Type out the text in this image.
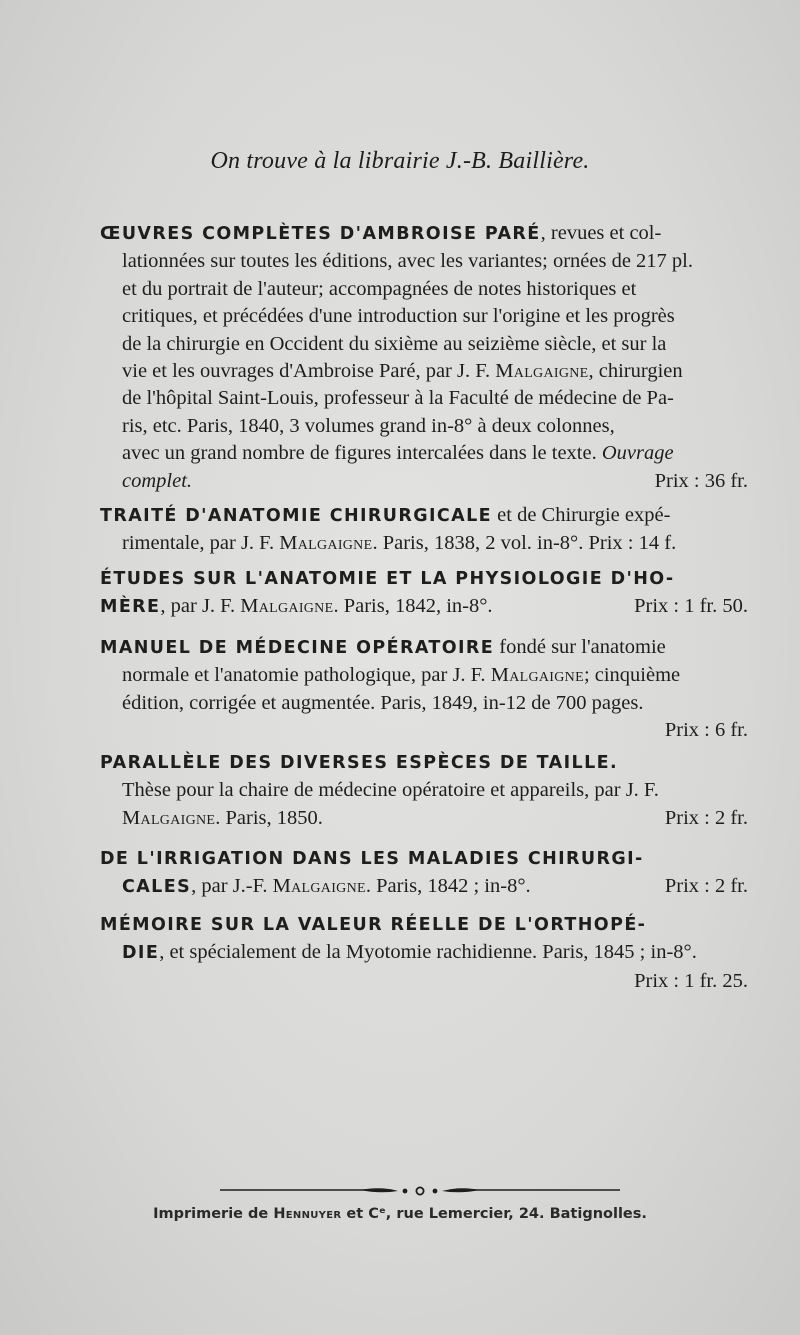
On trouve à la librairie J.-B. Baillière.

ŒUVRES COMPLÈTES D'AMBROISE PARÉ, revues et col-

lationnées sur toutes les éditions, avec les variantes; ornées de 217 pl.

et du portrait de l'auteur; accompagnées de notes historiques et

critiques, et précédées d'une introduction sur l'origine et les progrès

de la chirurgie en Occident du sixième au seizième siècle, et sur la

vie et les ouvrages d'Ambroise Paré, par J. F. Malgaigne, chirurgien

de l'hôpital Saint-Louis, professeur à la Faculté de médecine de Pa-

ris, etc. Paris, 1840, 3 volumes grand in-8° à deux colonnes,

avec un grand nombre de figures intercalées dans le texte. Ouvrage

complet.	Prix : 36 fr.

TRAITÉ D'ANATOMIE CHIRURGICALE et de Chirurgie expé-

rimentale, par J. F. Malgaigne. Paris, 1838, 2 vol. in-8°. Prix : 14 f.

ÉTUDES SUR L'ANATOMIE ET LA PHYSIOLOGIE D'HO-

MÈRE, par J. F. Malgaigne. Paris, 1842, in-8°.	Prix : 1 fr. 50.

MANUEL DE MÉDECINE OPÉRATOIRE fondé sur l'anatomie

normale et l'anatomie pathologique, par J. F. Malgaigne; cinquième

édition, corrigée et augmentée. Paris, 1849, in-12 de 700 pages.

Prix : 6 fr.

PARALLÈLE DES DIVERSES ESPÈCES DE TAILLE.

Thèse pour la chaire de médecine opératoire et appareils, par J. F.

Malgaigne. Paris, 1850.	Prix : 2 fr.

DE L'IRRIGATION DANS LES MALADIES CHIRURGI-

CALES, par J.-F. Malgaigne. Paris, 1842 ; in-8°.	Prix : 2 fr.

MÉMOIRE SUR LA VALEUR RÉELLE DE L'ORTHOPÉ-

DIE, et spécialement de la Myotomie rachidienne. Paris, 1845 ; in-8°.

Prix : 1 fr. 25.

Imprimerie de Hennuyer et Cᵉ, rue Lemercier, 24. Batignolles.
